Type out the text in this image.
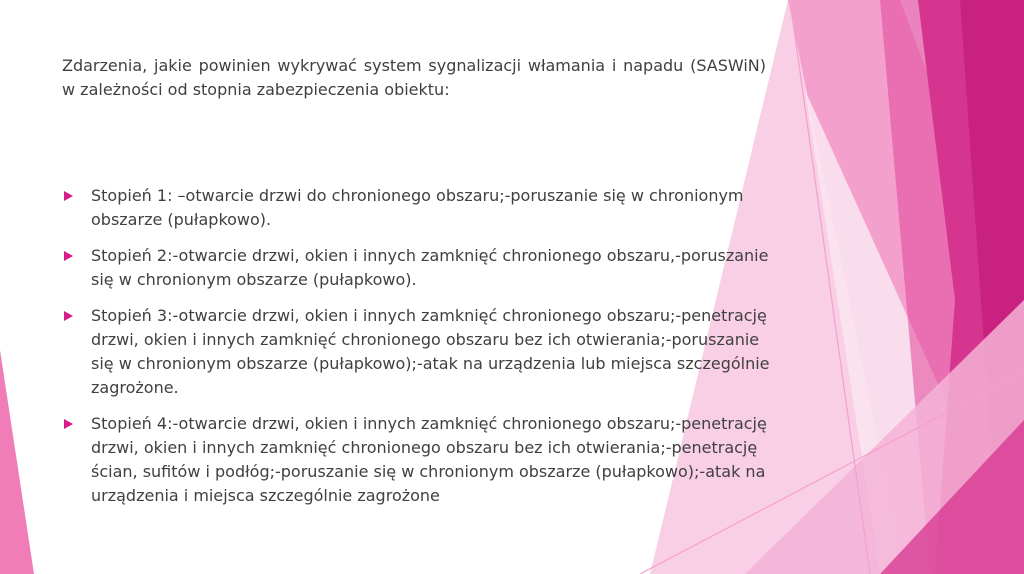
Zdarzenia, jakie powinien wykrywać system sygnalizacji włamania i napadu (SASWiN) w zależności od stopnia zabezpieczenia obiektu:
Stopień 1: –otwarcie drzwi do chronionego obszaru;-poruszanie się w chronionym obszarze (pułapkowo).
Stopień 2:-otwarcie drzwi, okien i innych zamknięć chronionego obszaru,-poruszanie się w chronionym obszarze (pułapkowo).
Stopień 3:-otwarcie drzwi, okien i innych zamknięć chronionego obszaru;-penetrację drzwi, okien i innych zamknięć chronionego obszaru bez ich otwierania;-poruszanie się w chronionym obszarze (pułapkowo);-atak na urządzenia lub miejsca szczególnie zagrożone.
Stopień 4:-otwarcie drzwi, okien i innych zamknięć chronionego obszaru;-penetrację drzwi, okien i innych zamknięć chronionego obszaru bez ich otwierania;-penetrację ścian, sufitów i podłóg;-poruszanie się w chronionym obszarze (pułapkowo);-atak na urządzenia i miejsca szczególnie zagrożone
